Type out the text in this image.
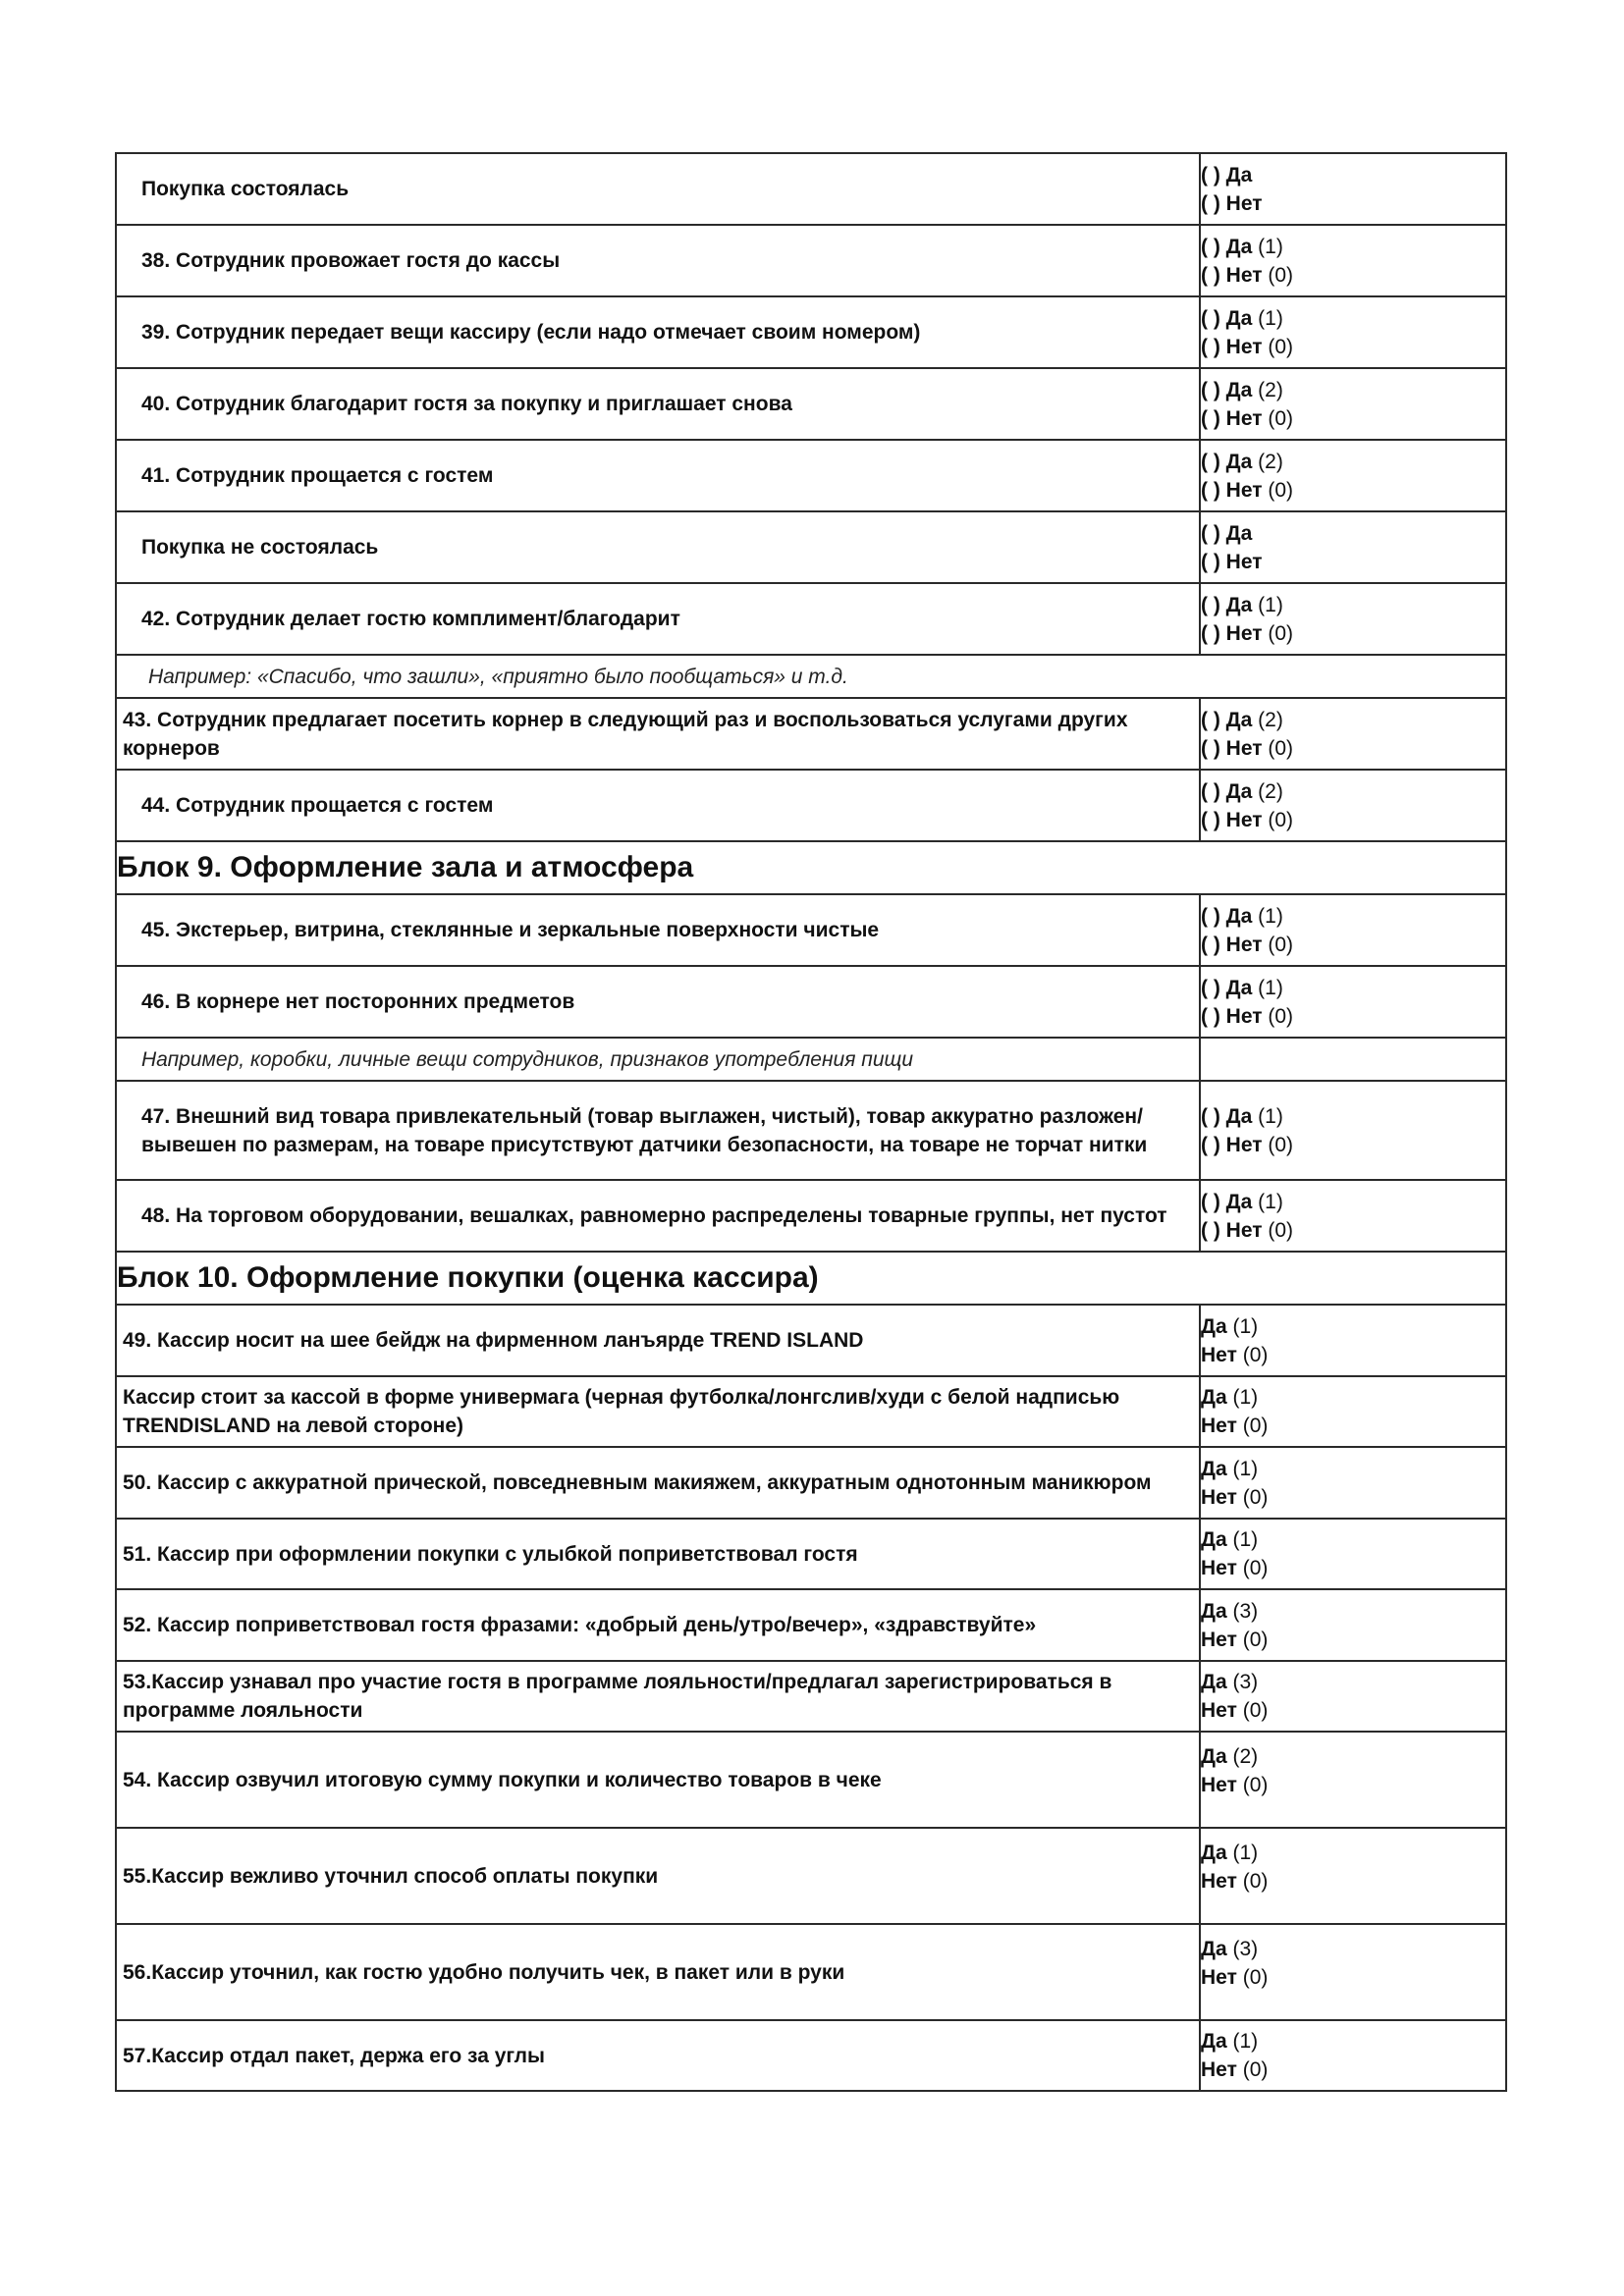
Покупка состоялась	( ) Да
( ) Нет

38. Сотрудник провожает гостя до кассы	( ) Да (1)
( ) Нет (0)

39. Сотрудник передает вещи кассиру (если надо отмечает своим номером)	( ) Да (1)
( ) Нет (0)

40. Сотрудник благодарит гостя за покупку и приглашает снова	( ) Да (2)
( ) Нет (0)

41. Сотрудник прощается с гостем	( ) Да (2)
( ) Нет (0)

Покупка не состоялась	( ) Да
( ) Нет

42. Сотрудник делает гостю комплимент/благодарит	( ) Да (1)
( ) Нет (0)

Например: «Спасибо, что зашли», «приятно было пообщаться» и т.д.	
43. Сотрудник предлагает посетить корнер в следующий раз и воспользоваться услугами других корнеров	( ) Да (2)
( ) Нет (0)

44. Сотрудник прощается с гостем	( ) Да (2)
( ) Нет (0)

Блок 9. Оформление зала и атмосфера	
45. Экстерьер, витрина, стеклянные и зеркальные поверхности чистые	( ) Да (1)
( ) Нет (0)

46. В корнере нет посторонних предметов	( ) Да (1)
( ) Нет (0)

Например, коробки, личные вещи сотрудников, признаков употребления пищи	
47. Внешний вид товара привлекательный (товар выглажен, чистый), товар аккуратно разложен/вывешен по размерам, на товаре присутствуют датчики безопасности, на товаре не торчат нитки	( ) Да (1)
( ) Нет (0)

48. На торговом оборудовании, вешалках, равномерно распределены товарные группы, нет пустот	( ) Да (1)
( ) Нет (0)

Блок 10. Оформление покупки (оценка кассира)	
49. Кассир носит на шее бейдж на фирменном ланъярде TREND ISLAND	Да (1)
Нет (0)

Кассир стоит за кассой в форме универмага (черная футболка/лонгслив/худи с белой надписью TRENDISLAND на левой стороне)	Да (1)
Нет (0)

50. Кассир с аккуратной прической, повседневным макияжем, аккуратным однотонным маникюром	Да (1)
Нет (0)

51. Кассир при оформлении покупки с улыбкой поприветствовал гостя	Да (1)
Нет (0)

52. Кассир поприветствовал гостя фразами: «добрый день/утро/вечер», «здравствуйте»	Да (3)
Нет (0)

53.Кассир узнавал про участие гостя в программе лояльности/предлагал зарегистрироваться в программе лояльности	Да (3)
Нет (0)

54. Кассир озвучил итоговую сумму покупки и количество товаров в чеке	Да (2)
Нет (0)

55.Кассир вежливо уточнил способ оплаты покупки	Да (1)
Нет (0)

56.Кассир уточнил, как гостю удобно получить чек, в пакет или в руки	Да (3)
Нет (0)

57.Кассир отдал пакет, держа его за углы	Да (1)
Нет (0)
